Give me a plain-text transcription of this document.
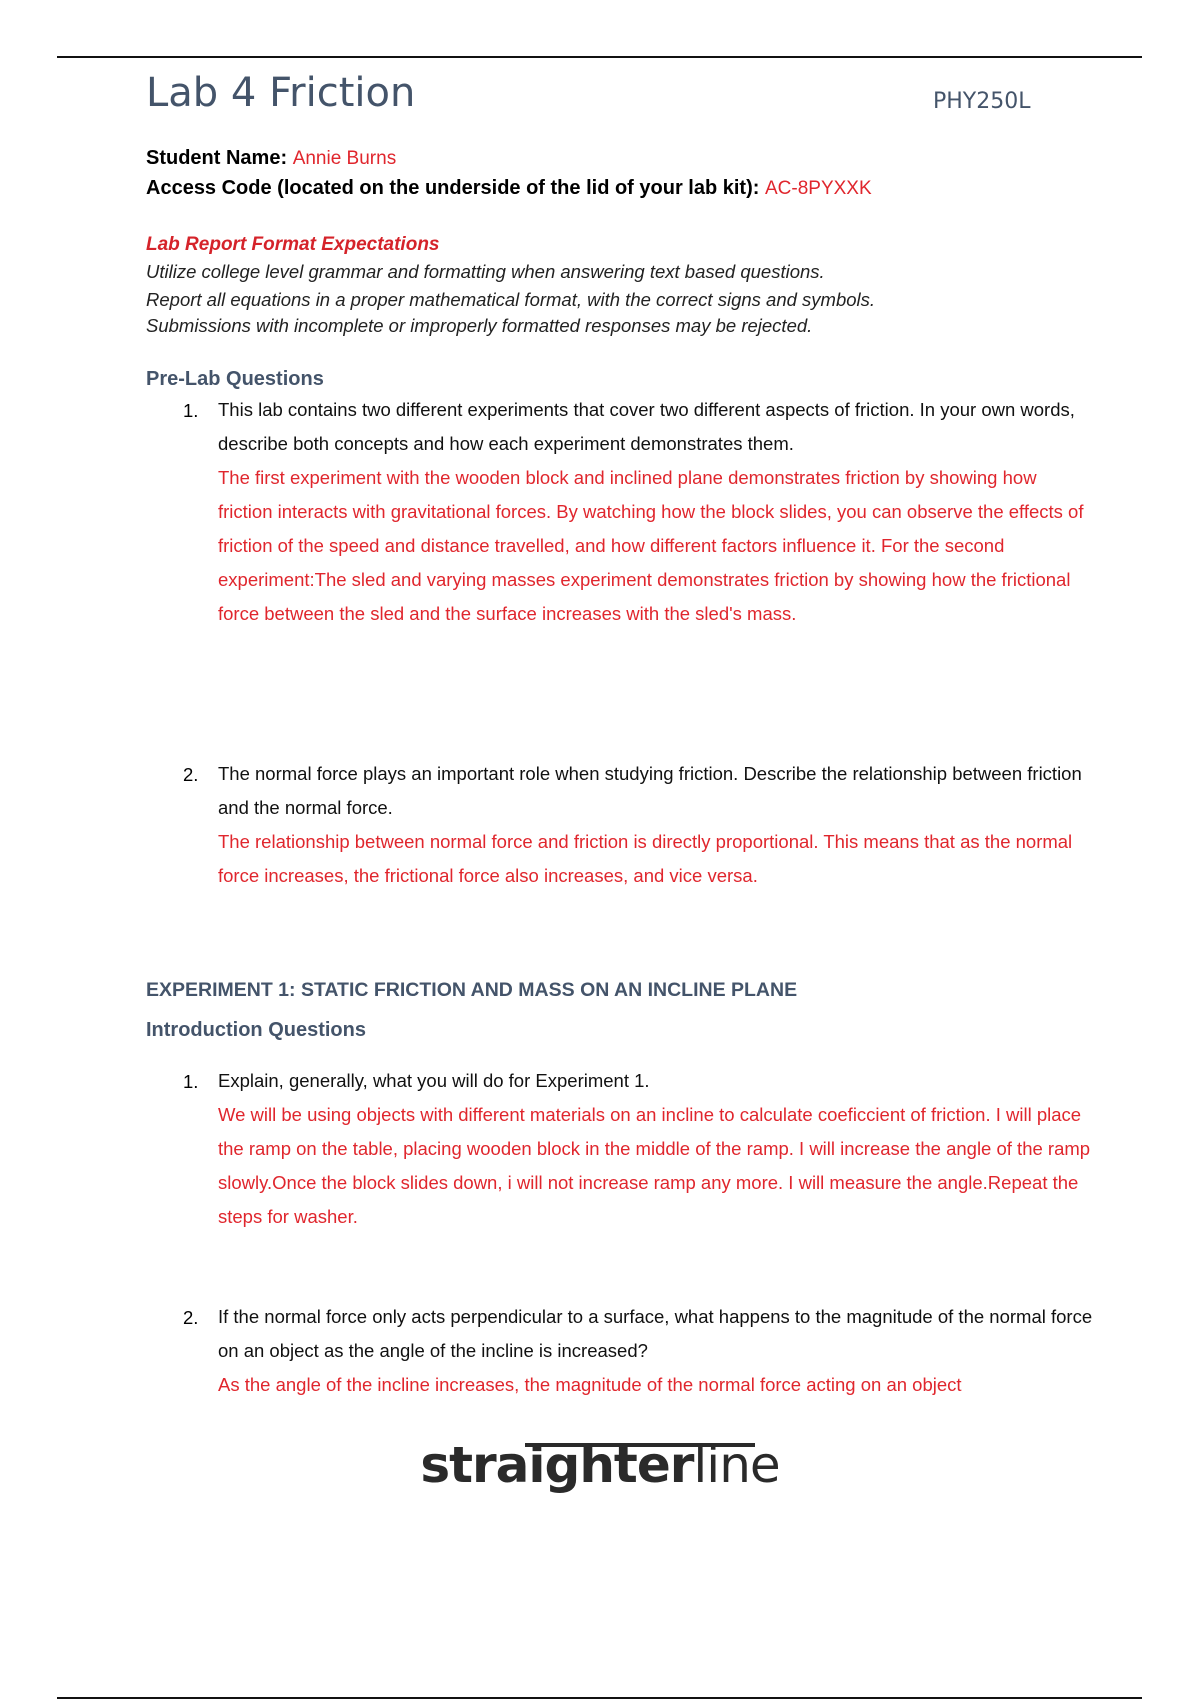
Lab 4 Friction	PHY250L
Student Name: Annie Burns
Access Code (located on the underside of the lid of your lab kit): AC-8PYXXK
Lab Report Format Expectations
Utilize college level grammar and formatting when answering text based questions.
Report all equations in a proper mathematical format, with the correct signs and symbols.
Submissions with incomplete or improperly formatted responses may be rejected.
Pre-Lab Questions
1. This lab contains two different experiments that cover two different aspects of friction. In your own words, describe both concepts and how each experiment demonstrates them.
The first experiment with the wooden block and inclined plane demonstrates friction by showing how friction interacts with gravitational forces. By watching how the block slides, you can observe the effects of friction of the speed and distance travelled, and how different factors influence it. For the second experiment:The sled and varying masses experiment demonstrates friction by showing how the frictional force between the sled and the surface increases with the sled's mass.
2. The normal force plays an important role when studying friction. Describe the relationship between friction and the normal force.
The relationship between normal force and friction is directly proportional. This means that as the normal force increases, the frictional force also increases, and vice versa.
EXPERIMENT 1: STATIC FRICTION AND MASS ON AN INCLINE PLANE
Introduction Questions
1. Explain, generally, what you will do for Experiment 1.
We will be using objects with different materials on an incline to calculate coeficcient of friction. I will place the ramp on the table, placing wooden block in the middle of the ramp. I will increase the angle of the ramp slowly.Once the block slides down, i will not increase ramp any more. I will measure the angle.Repeat the steps for washer.
2. If the normal force only acts perpendicular to a surface, what happens to the magnitude of the normal force on an object as the angle of the incline is increased?
As the angle of the incline increases, the magnitude of the normal force acting on an object
straighterline
